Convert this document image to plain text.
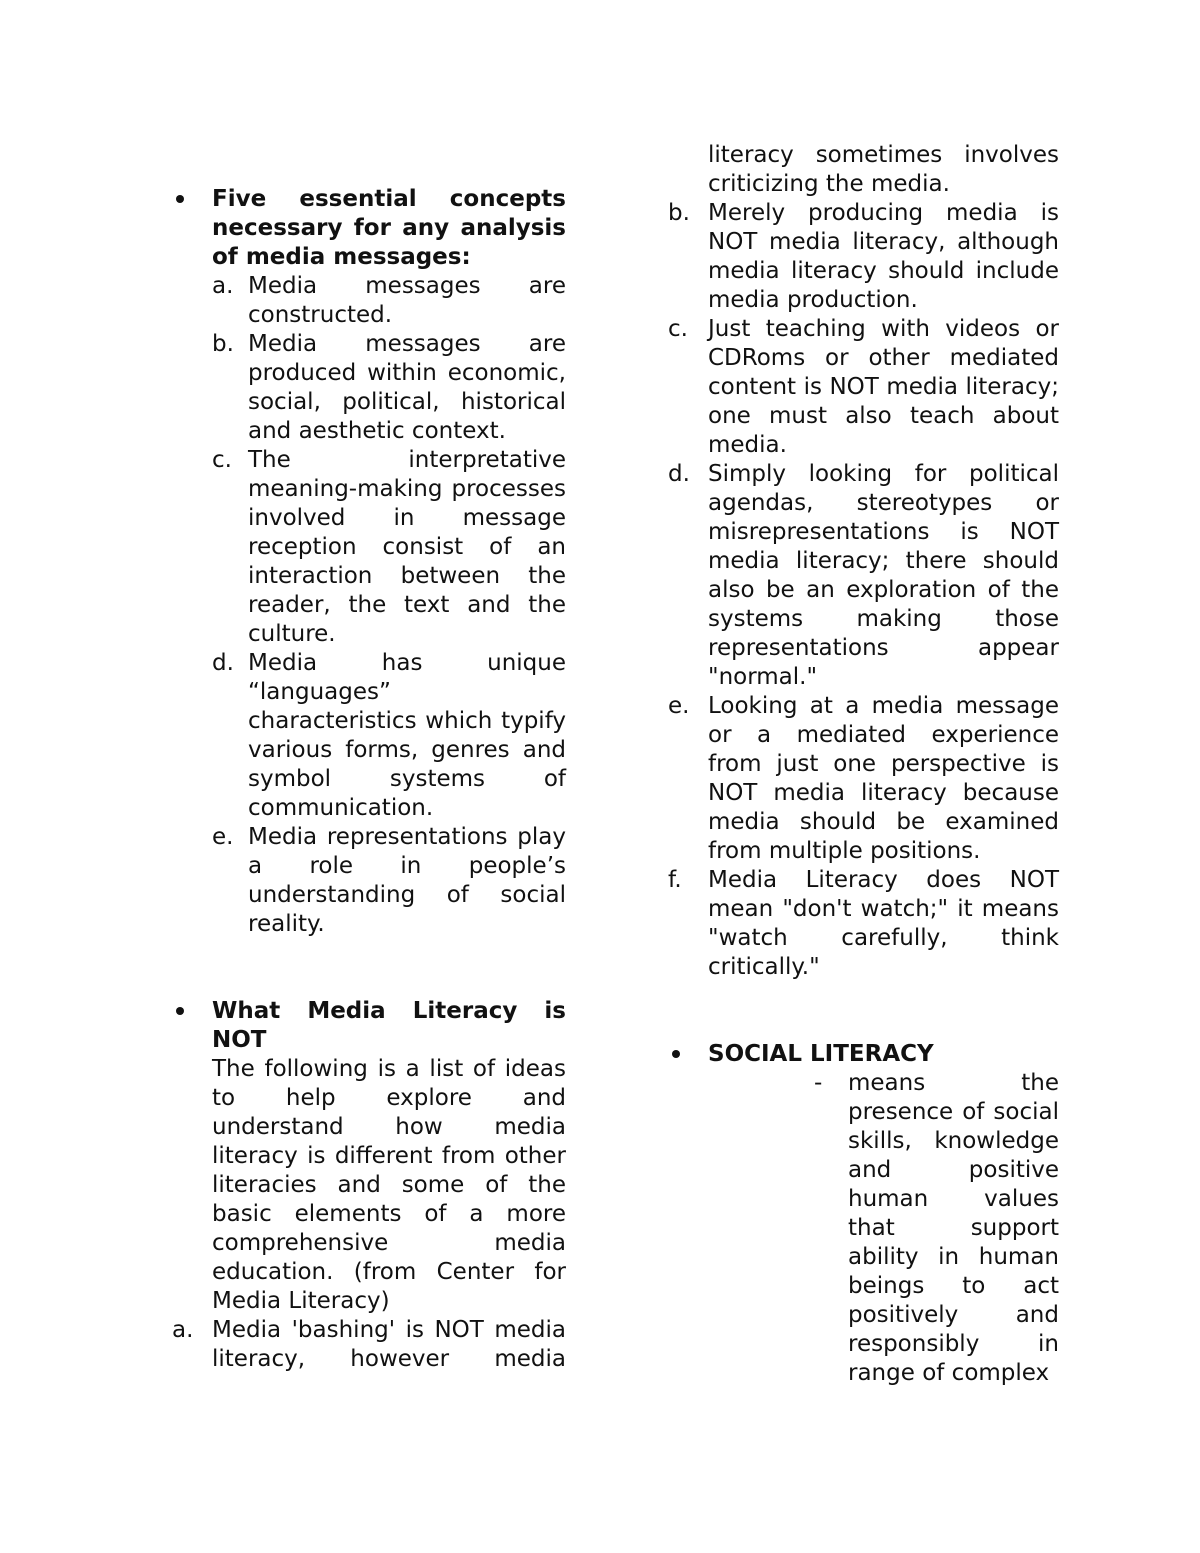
Five essential concepts necessary for any analysis of media messages:
a. Media messages are constructed.
b. Media messages are produced within economic, social, political, historical and aesthetic context.
c. The interpretative meaning-making processes involved in message reception consist of an interaction between the reader, the text and the culture.
d. Media has unique “languages” characteristics which typify various forms, genres and symbol systems of communication.
e. Media representations play a role in people’s understanding of social reality.
What Media Literacy is NOT
The following is a list of ideas to help explore and understand how media literacy is different from other literacies and some of the basic elements of a more comprehensive media education. (from Center for Media Literacy)
a. Media 'bashing' is NOT media literacy, however media
literacy sometimes involves criticizing the media.
b. Merely producing media is NOT media literacy, although media literacy should include media production.
c. Just teaching with videos or CDRoms or other mediated content is NOT media literacy; one must also teach about media.
d. Simply looking for political agendas, stereotypes or misrepresentations is NOT media literacy; there should also be an exploration of the systems making those representations appear "normal."
e. Looking at a media message or a mediated experience from just one perspective is NOT media literacy because media should be examined from multiple positions.
f. Media Literacy does NOT mean "don't watch;" it means "watch carefully, think critically."
SOCIAL LITERACY
- means the presence of social skills, knowledge and positive human values that support ability in human beings to act positively and responsibly in range of complex
